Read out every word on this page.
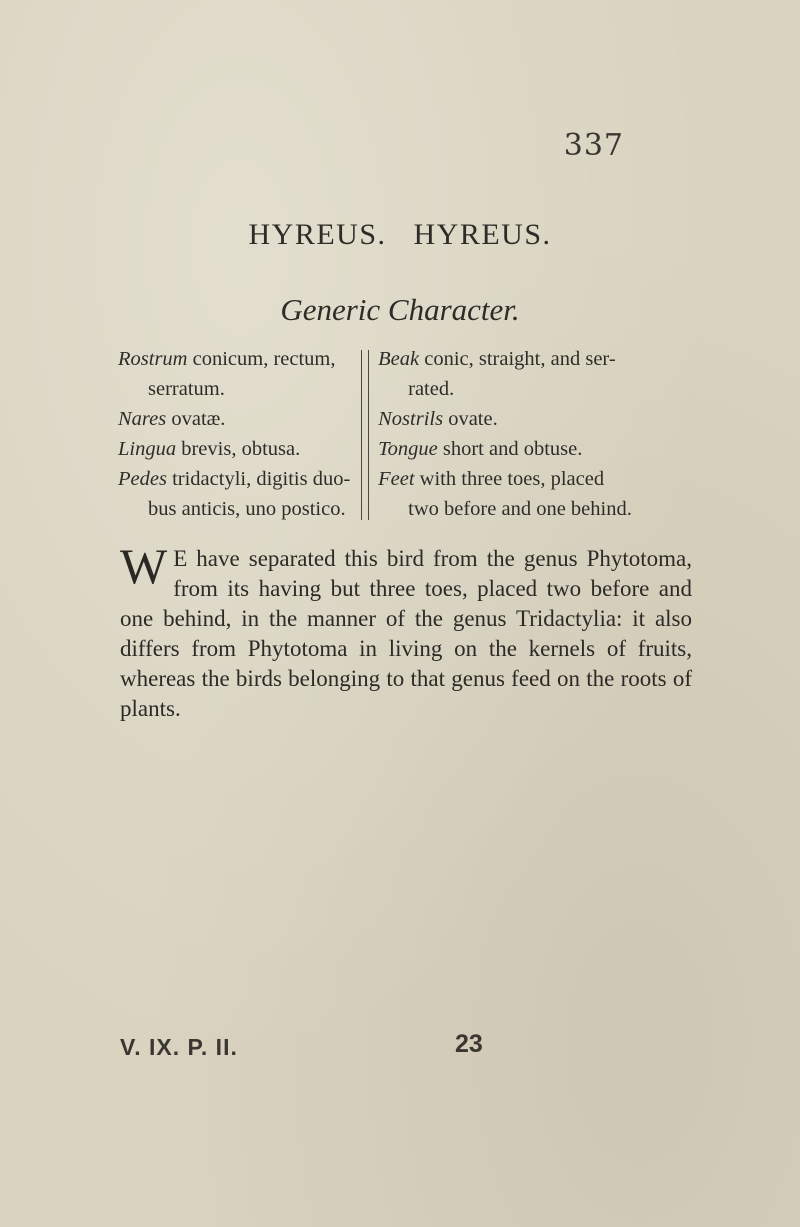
337
HYREUS. HYREUS.
Generic Character.
Rostrum conicum, rectum,
serratum.
Nares ovatæ.
Lingua brevis, obtusa.
Pedes tridactyli, digitis duo-
bus anticis, uno postico.
Beak conic, straight, and ser-
rated.
Nostrils ovate.
Tongue short and obtuse.
Feet with three toes, placed
two before and one behind.
W E have separated this bird from the genus Phytotoma, from its having but three toes, placed two before and one behind, in the manner of the genus Tridactylia: it also differs from Phytotoma in living on the kernels of fruits, whereas the birds belonging to that genus feed on the roots of plants.
V. IX. P. II.	23
